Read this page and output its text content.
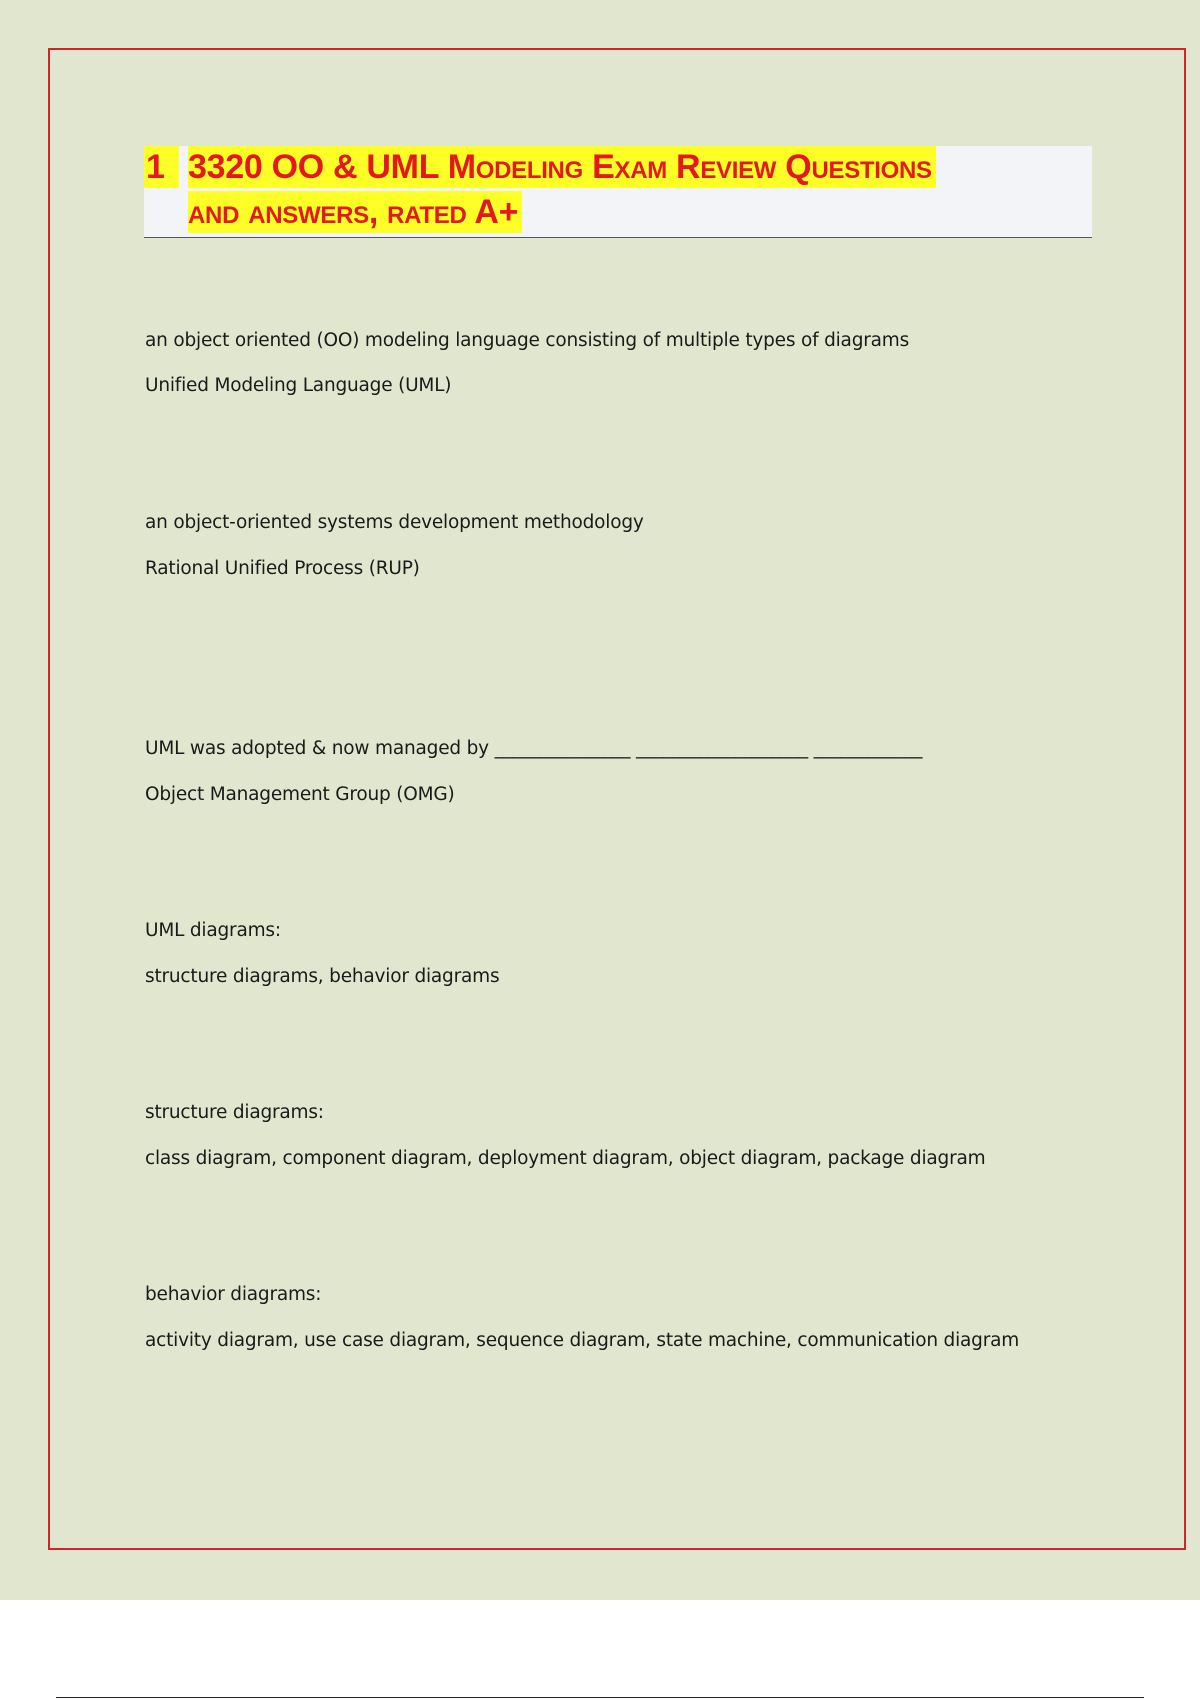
1 3320 OO & UML Modeling Exam Review Questions
and answers, rated A+
an object oriented (OO) modeling language consisting of multiple types of diagrams
Unified Modeling Language (UML)
an object-oriented systems development methodology
Rational Unified Process (RUP)
UML was adopted & now managed by _______________ ___________________ ____________
Object Management Group (OMG)
UML diagrams:
structure diagrams, behavior diagrams
structure diagrams:
class diagram, component diagram, deployment diagram, object diagram, package diagram
behavior diagrams:
activity diagram, use case diagram, sequence diagram, state machine, communication diagram
